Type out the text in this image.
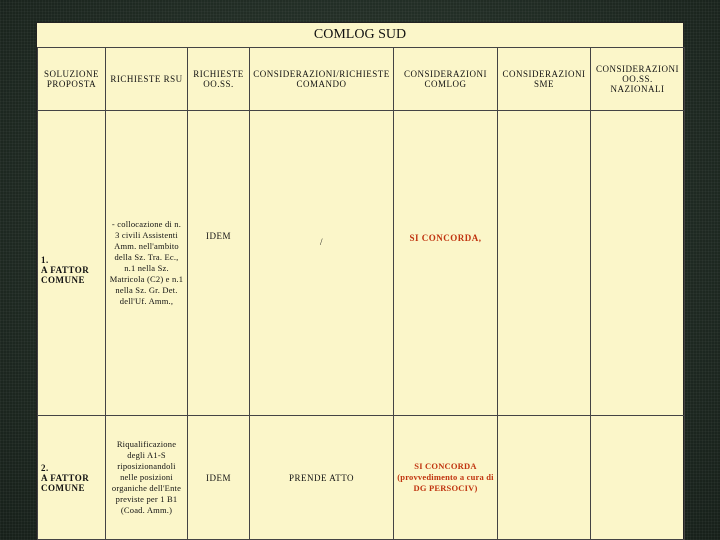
COMLOG SUD
SOLUZIONE PROPOSTA	RICHIESTE RSU	RICHIESTE OO.SS.	CONSIDERAZIONI/RICHIESTE COMANDO	CONSIDERAZIONI COMLOG	CONSIDERAZIONI SME	CONSIDERAZIONI OO.SS. NAZIONALI

1.
A FATTOR
COMUNE	- collocazione di n. 3 civili Assistenti Amm. nell'ambito della Sz. Tra. Ec., n.1 nella Sz. Matricola (C2) e n.1 nella Sz. Gr. Det. dell'Uf. Amm.,	IDEM	/	SI CONCORDA,		

2.
A FATTOR
COMUNE	Riqualificazione degli A1-S riposizionandoli nelle posizioni organiche dell'Ente previste per 1 B1 (Coad. Amm.)	IDEM	PRENDE ATTO	SI CONCORDA (provvedimento a cura di DG PERSOCIV)		
